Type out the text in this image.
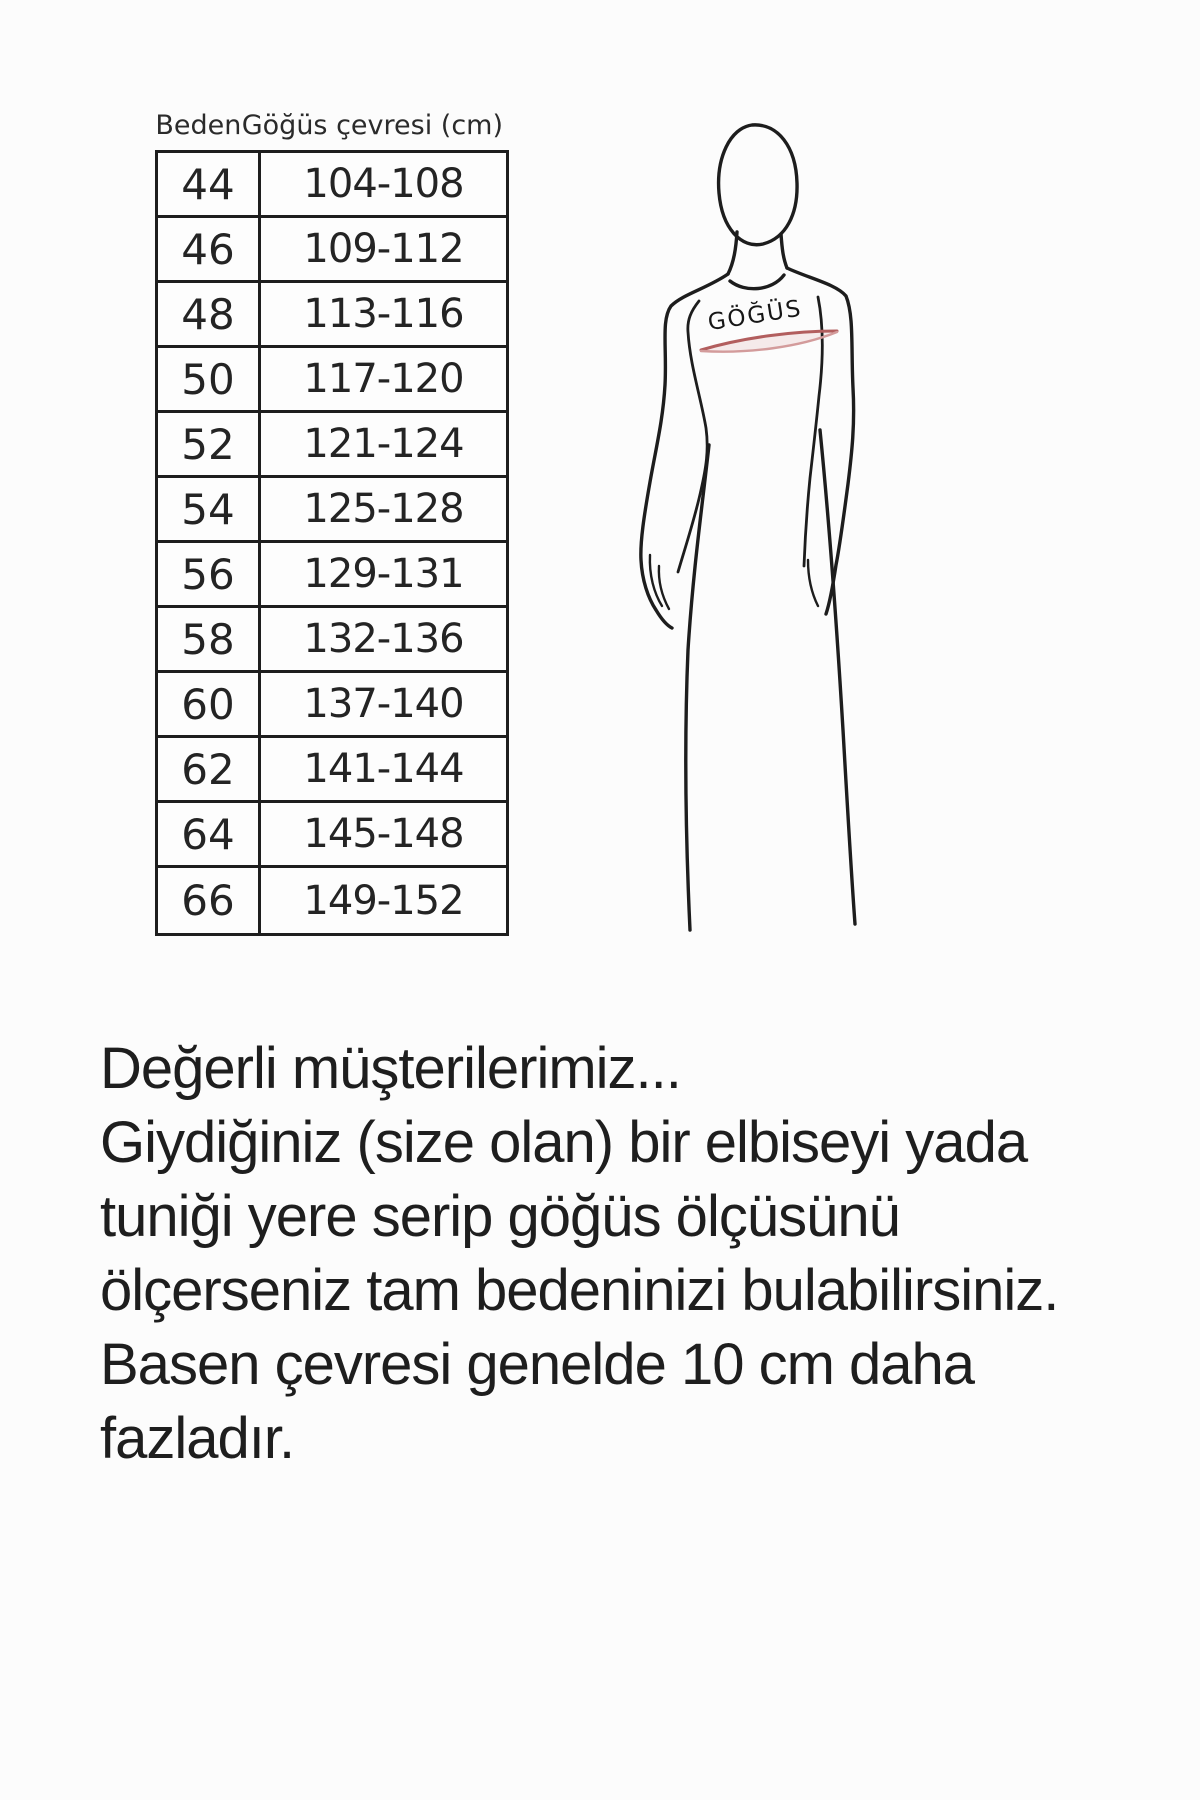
Beden Göğüs çevresi (cm)
44	104-108
46	109-112
48	113-116
50	117-120
52	121-124
54	125-128
56	129-131
58	132-136
60	137-140
62	141-144
64	145-148
66	149-152
GÖĞÜS
Değerli müşterilerimiz...
Giydiğiniz (size olan) bir elbiseyi yada
tuniği yere serip göğüs ölçüsünü
ölçerseniz tam bedeninizi bulabilirsiniz.
Basen çevresi genelde 10 cm daha
fazladır.
